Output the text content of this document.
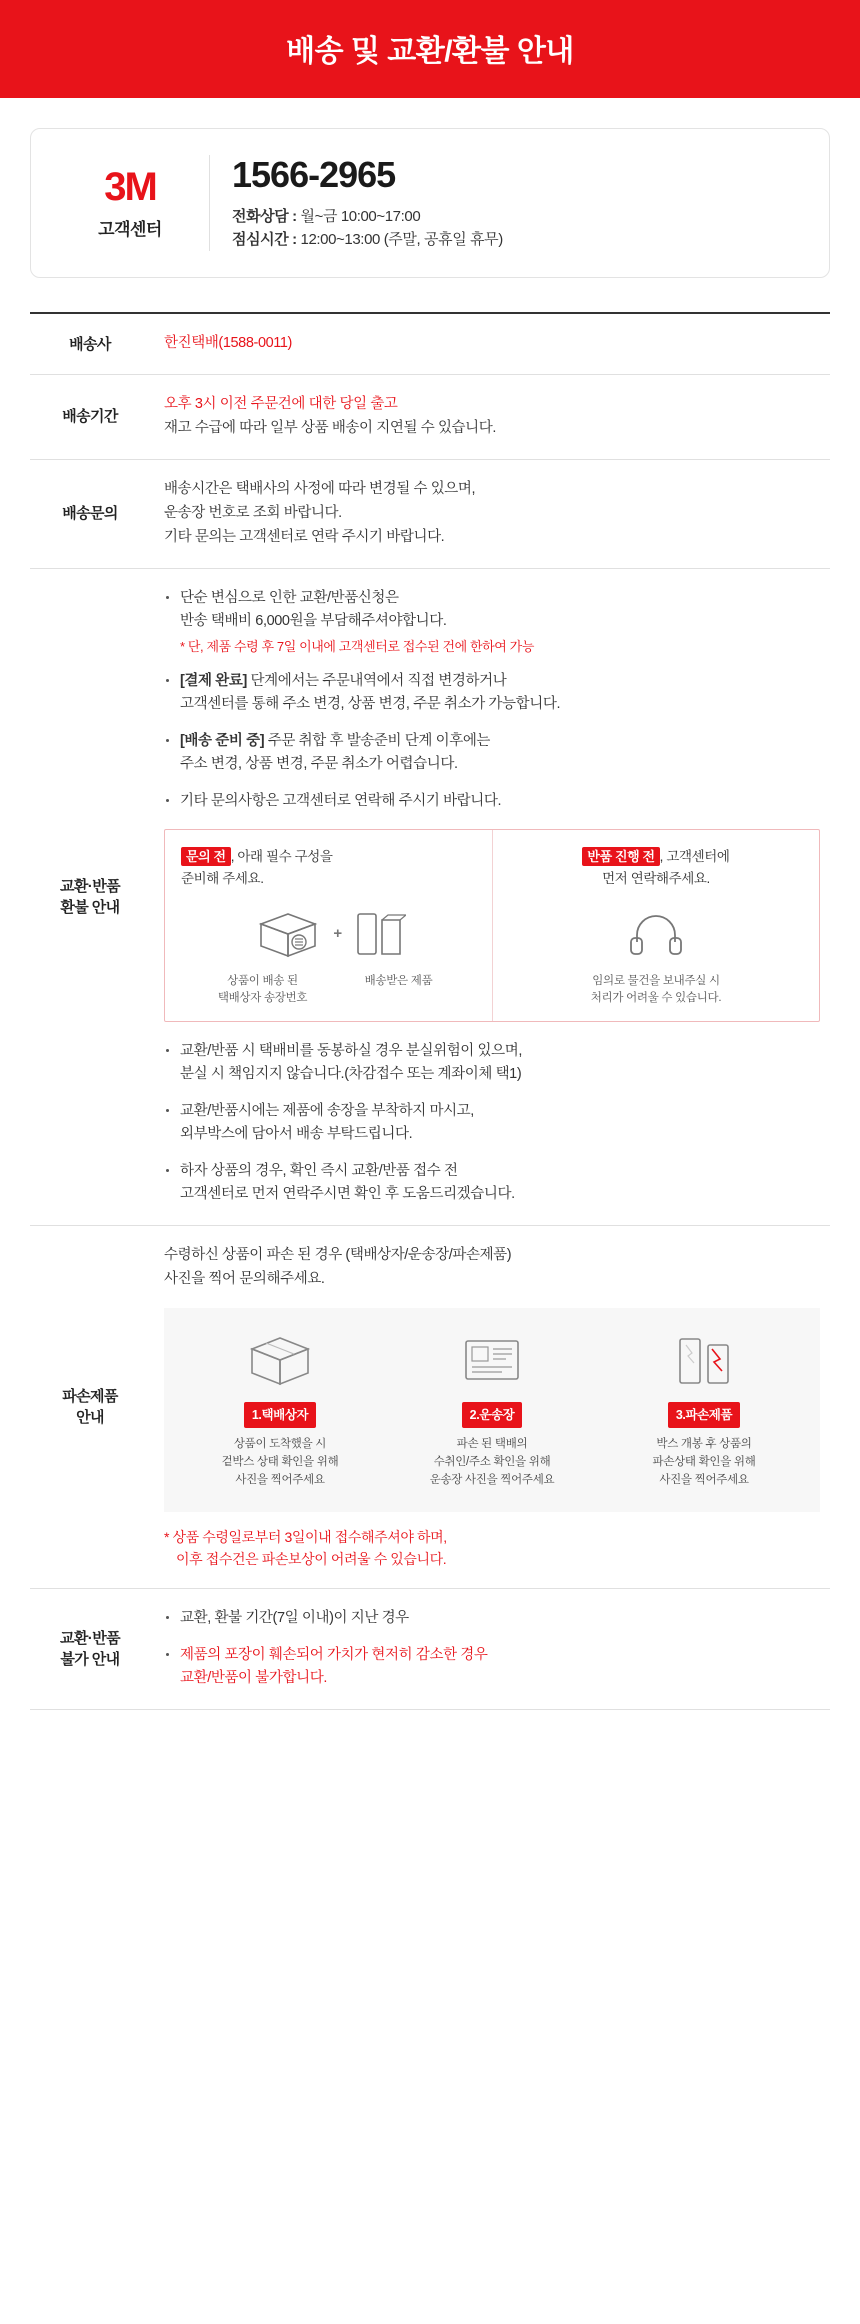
배송 및 교환/환불 안내
3M
고객센터
1566-2965
전화상담 : 월~금 10:00~17:00
점심시간 : 12:00~13:00 (주말, 공휴일 휴무)
배송사	한진택배(1588-0011)
배송기간	오후 3시 이전 주문건에 대한 당일 출고
재고 수급에 따라 일부 상품 배송이 지연될 수 있습니다.

배송문의	배송시간은 택배사의 사정에 따라 변경될 수 있으며,
운송장 번호로 조회 바랍니다.
기타 문의는 고객센터로 연락 주시기 바랍니다.

교환·반품
환불 안내

단순 변심으로 인한 교환/반품신청은
반송 택배비 6,000원을 부담해주셔야합니다.
* 단, 제품 수령 후 7일 이내에 고객센터로 접수된 건에 한하여 가능
[결제 완료] 단계에서는 주문내역에서 직접 변경하거나
고객센터를 통해 주소 변경, 상품 변경, 주문 취소가 가능합니다.
[배송 준비 중] 주문 취합 후 발송준비 단계 이후에는
주소 변경, 상품 변경, 주문 취소가 어렵습니다.
기타 문의사항은 고객센터로 연락해 주시기 바랍니다.
문의 전 , 아래 필수 구성을
준비해 주세요.
+
상품이 배송 된
택배상자 송장번호
배송받은 제품
반품 진행 전 , 고객센터에
먼저 연락해주세요.
임의로 물건을 보내주실 시
처리가 어려울 수 있습니다.
교환/반품 시 택배비를 동봉하실 경우 분실위험이 있으며,
분실 시 책임지지 않습니다.(차감접수 또는 계좌이체 택1)
교환/반품시에는 제품에 송장을 부착하지 마시고,
외부박스에 담아서 배송 부탁드립니다.
하자 상품의 경우, 확인 즉시 교환/반품 접수 전
고객센터로 먼저 연락주시면 확인 후 도움드리겠습니다.

파손제품
안내

수령하신 상품이 파손 된 경우 (택배상자/운송장/파손제품)
사진을 찍어 문의해주세요.
1.택배상자
상품이 도착했을 시
겉박스 상태 확인을 위해
사진을 찍어주세요
2.운송장
파손 된 택배의
수취인/주소 확인을 위해
운송장 사진을 찍어주세요
3.파손제품
박스 개봉 후 상품의
파손상태 확인을 위해
사진을 찍어주세요
* 상품 수령일로부터 3일이내 접수해주셔야 하며,
이후 접수건은 파손보상이 어려울 수 있습니다.

교환·반품
불가 안내

교환, 환불 기간(7일 이내)이 지난 경우
제품의 포장이 훼손되어 가치가 현저히 감소한 경우
교환/반품이 불가합니다.
